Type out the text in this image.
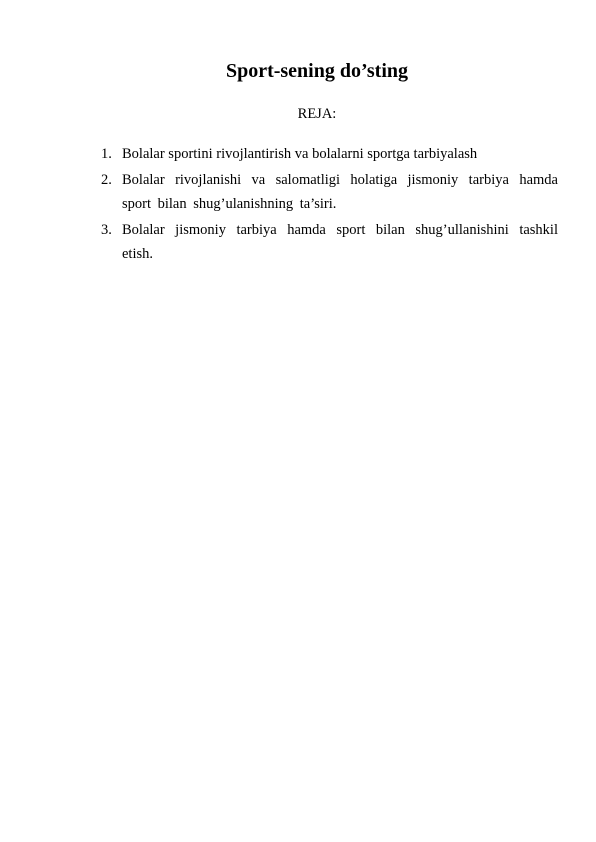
Sport-sening do’sting
REJA:
1. Bolalar sportini rivojlantirish va bolalarni sportga tarbiyalash
2. Bolalar rivojlanishi va salomatligi holatiga jismoniy tarbiya hamda sport bilan shug’ulanishning ta’siri.
3. Bolalar jismoniy tarbiya hamda sport bilan shug’ullanishini tashkil etish.
